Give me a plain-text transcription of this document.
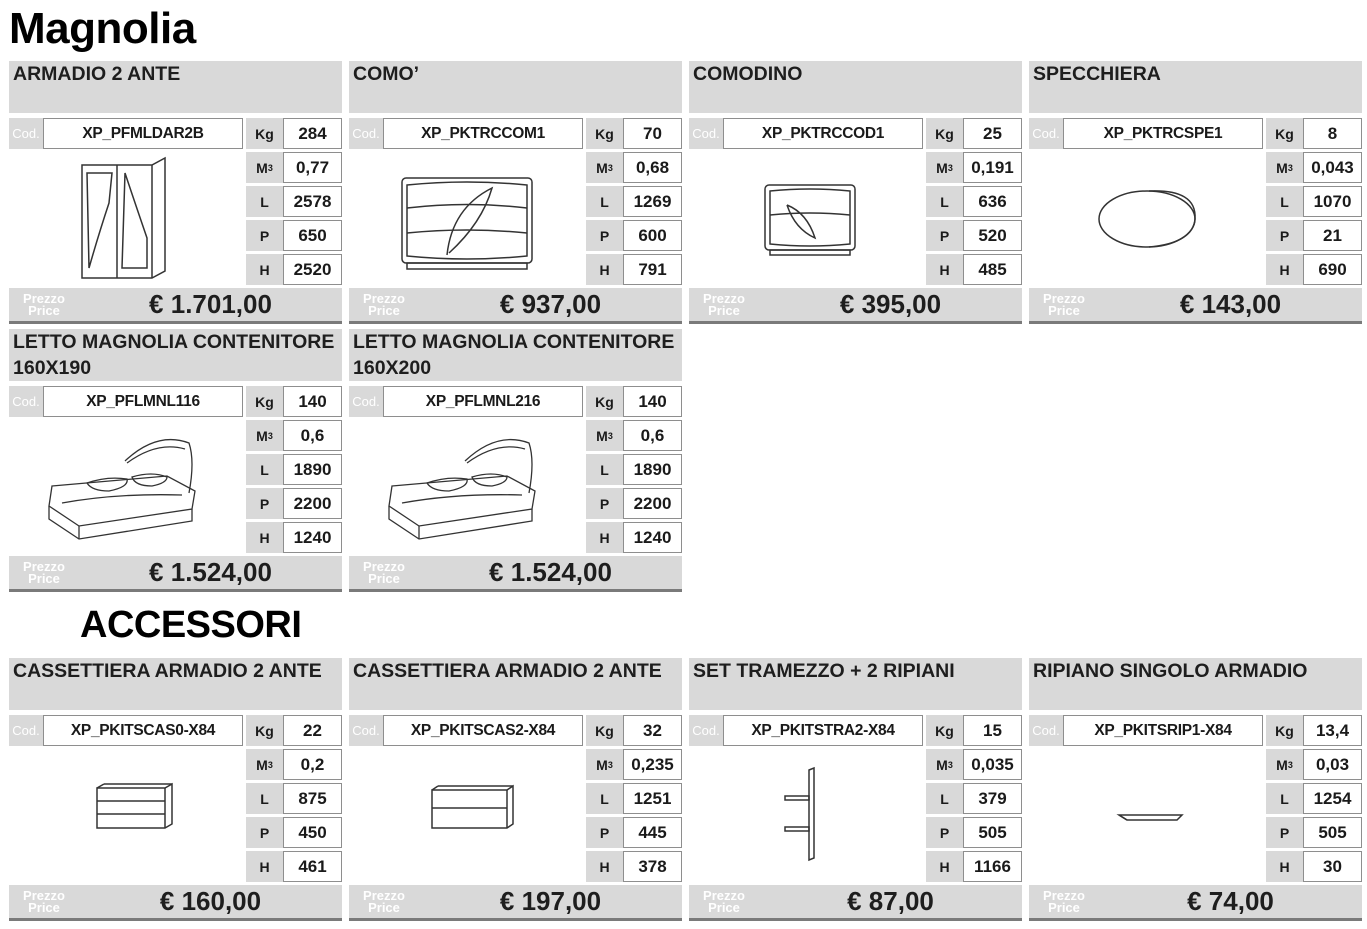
Magnolia
ACCESSORI
ARMADIO 2 ANTE
Cod.	XP_PFMLDAR2B	Kg	284
M 3	0,77
L	2578
P	650
H	2520
Prezzo
Price	€ 1.701,00
COMO’
Cod.	XP_PKTRCCOM1	Kg	70
M 3	0,68
L	1269
P	600
H	791
Prezzo
Price	€ 937,00
COMODINO
Cod.	XP_PKTRCCOD1	Kg	25
M 3	0,191
L	636
P	520
H	485
Prezzo
Price	€ 395,00
SPECCHIERA
Cod.	XP_PKTRCSPE1	Kg	8
M 3	0,043
L	1070
P	21
H	690
Prezzo
Price	€ 143,00
LETTO MAGNOLIA CONTENITORE 160X190
Cod.	XP_PFLMNL116	Kg	140
M 3	0,6
L	1890
P	2200
H	1240
Prezzo
Price	€ 1.524,00
LETTO MAGNOLIA CONTENITORE 160X200
Cod.	XP_PFLMNL216	Kg	140
M 3	0,6
L	1890
P	2200
H	1240
Prezzo
Price	€ 1.524,00
CASSETTIERA ARMADIO 2 ANTE
Cod.	XP_PKITSCAS0-X84	Kg	22
M 3	0,2
L	875
P	450
H	461
Prezzo
Price	€ 160,00
CASSETTIERA ARMADIO 2 ANTE
Cod.	XP_PKITSCAS2-X84	Kg	32
M 3	0,235
L	1251
P	445
H	378
Prezzo
Price	€ 197,00
SET TRAMEZZO + 2 RIPIANI
Cod.	XP_PKITSTRA2-X84	Kg	15
M 3	0,035
L	379
P	505
H	1166
Prezzo
Price	€ 87,00
RIPIANO SINGOLO ARMADIO
Cod.	XP_PKITSRIP1-X84	Kg	13,4
M 3	0,03
L	1254
P	505
H	30
Prezzo
Price	€ 74,00
